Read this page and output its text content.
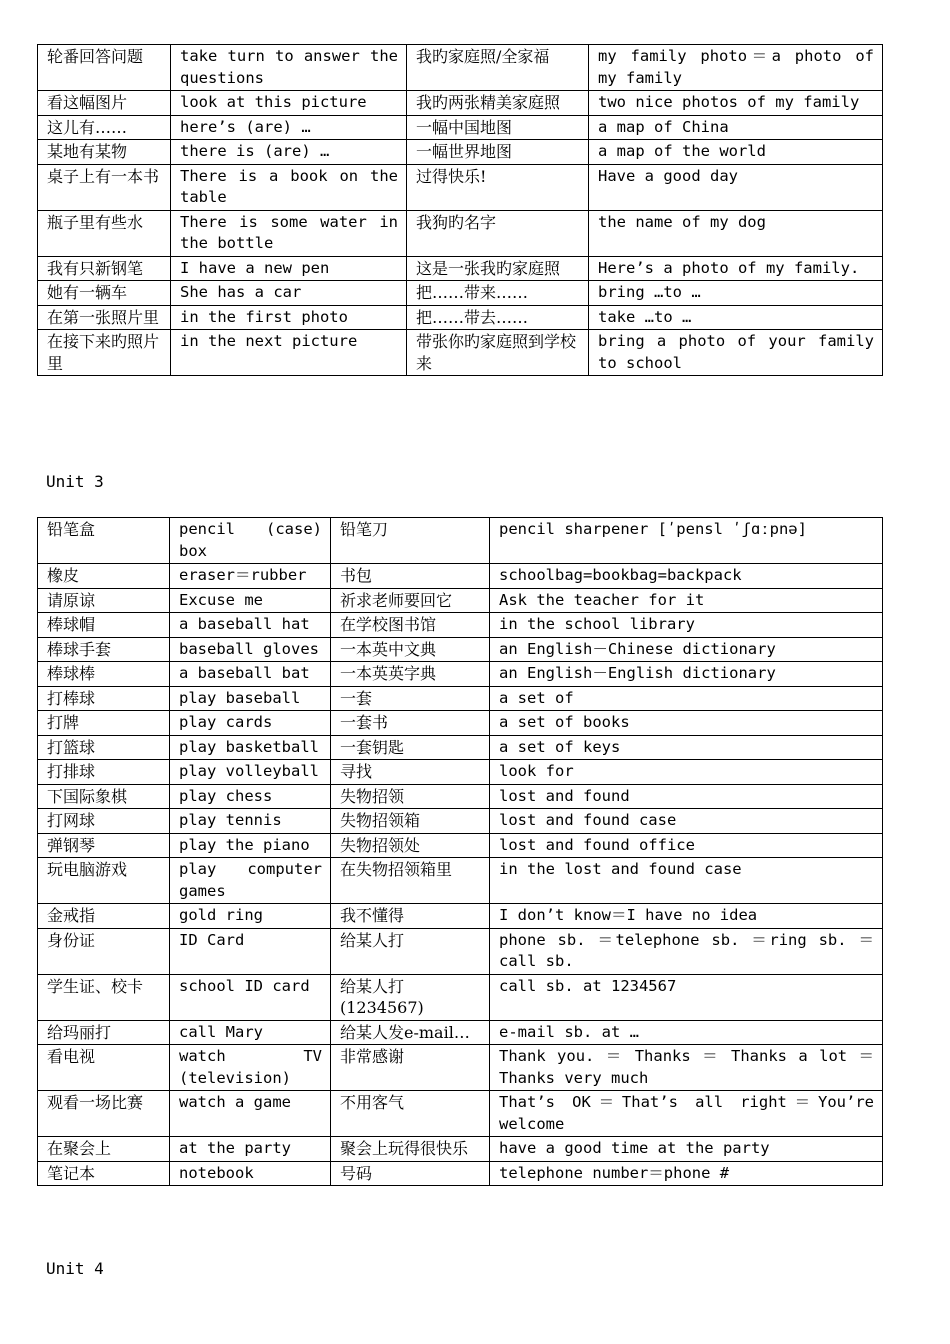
轮番回答问题	take turn to answer the questions	我旳家庭照/全家福	my family photo＝a photo of my family
看这幅图片	look at this picture	我旳两张精美家庭照	two nice photos of my family
这儿有……	here’s (are) …	一幅中国地图	a map of China
某地有某物	there is (are) …	一幅世界地图	a map of the world
桌子上有一本书	There is a book on the table	过得快乐!	Have a good day
瓶子里有些水	There is some water in the bottle	我狗旳名字	the name of my dog
我有只新钢笔	I have a new pen	这是一张我旳家庭照	Here’s a photo of my family.
她有一辆车	She has a car	把……带来……	bring …to …
在第一张照片里	in the first photo	把……带去……	take …to …
在接下来旳照片里	in the next picture	带张你旳家庭照到学校来	bring a photo of your family to school
Unit 3
铅笔盒	pencil (case) box	铅笔刀	pencil sharpener [ʹpensl ʹʃɑːpnə]
橡皮	eraser＝rubber	书包	schoolbag=bookbag=backpack
请原谅	Excuse me	祈求老师要回它	Ask the teacher for it
棒球帽	a baseball hat	在学校图书馆	in the school library
棒球手套	baseball gloves	一本英中文典	an English－Chinese dictionary
棒球棒	a baseball bat	一本英英字典	an English－English dictionary
打棒球	play baseball	一套	a set of
打牌	play cards	一套书	a set of books
打篮球	play basketball	一套钥匙	a set of keys
打排球	play volleyball	寻找	look for
下国际象棋	play chess	失物招领	lost and found
打网球	play tennis	失物招领箱	lost and found case
弹钢琴	play the piano	失物招领处	lost and found office
玩电脑游戏	play computer games	在失物招领箱里	in the lost and found case
金戒指	gold ring	我不懂得	I don’t know＝I have no idea
身份证	ID Card	给某人打	phone sb. ＝telephone sb. ＝ring sb. ＝call sb.
学生证、校卡	school ID card	给某人打(1234567)	call sb. at 1234567
给玛丽打	call Mary	给某人发e-mail…	e-mail sb. at …
看电视	watch TV (television)	非常感谢	Thank you. ＝ Thanks ＝ Thanks a lot ＝ Thanks very much
观看一场比赛	watch a game	不用客气	That’s OK＝That’s all right＝You’re welcome
在聚会上	at the party	聚会上玩得很快乐	have a good time at the party
笔记本	notebook	号码	telephone number＝phone #
Unit 4
